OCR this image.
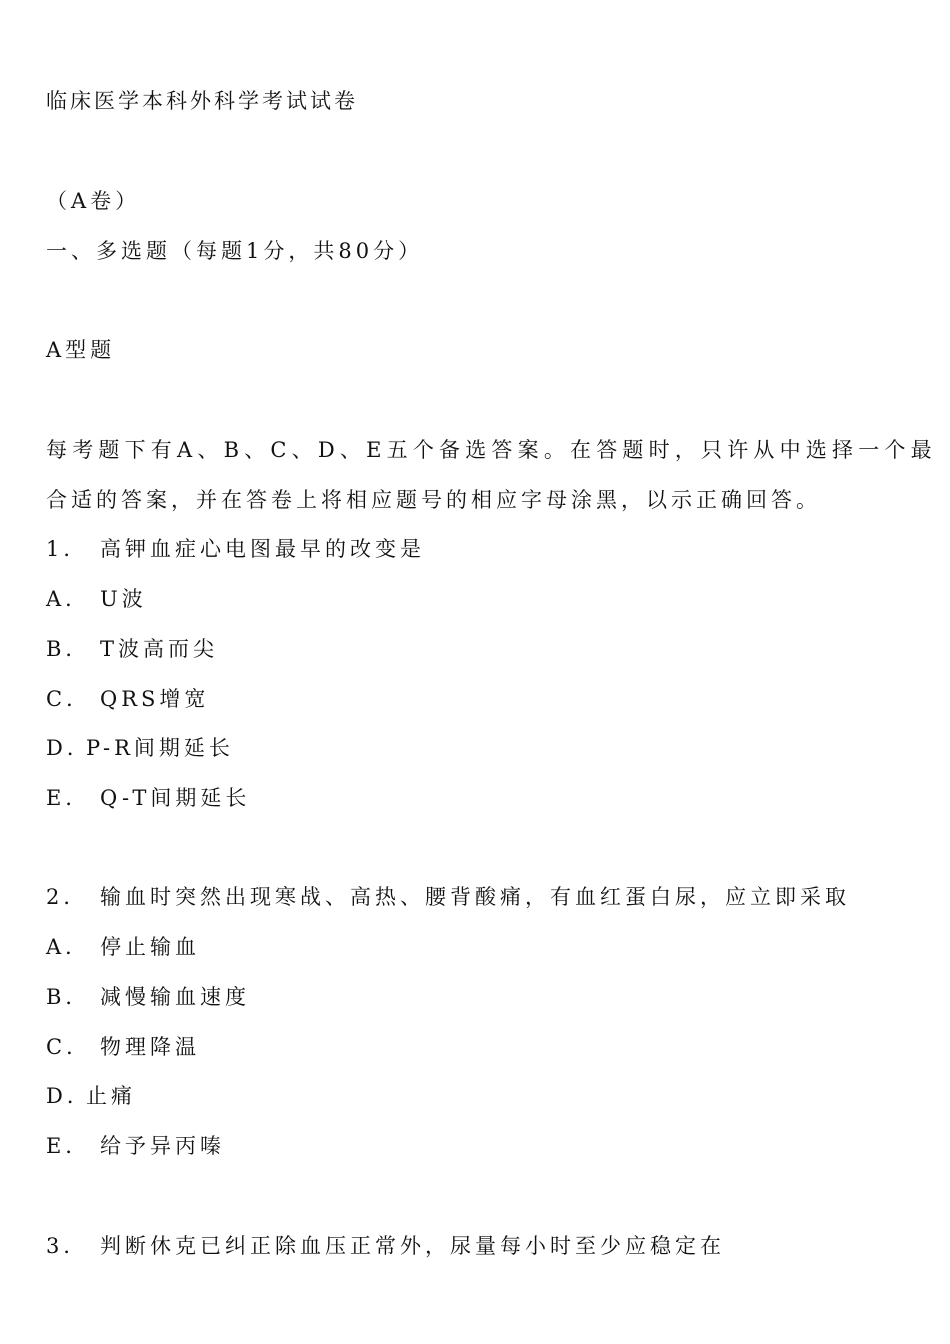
临床医学本科外科学考试试卷
（A卷）
一、多选题（每题1分，共80分）
A型题
每考题下有A、B、C、D、E五个备选答案。在答题时，只许从中选择一个最
合适的答案，并在答卷上将相应题号的相应字母涂黑，以示正确回答。
1． 高钾血症心电图最早的改变是
A． U波
B． T波高而尖
C． QRS增宽
D．P-R间期延长
E． Q-T间期延长
2． 输血时突然出现寒战、高热、腰背酸痛，有血红蛋白尿，应立即采取
A． 停止输血
B． 减慢输血速度
C． 物理降温
D．止痛
E． 给予异丙嗪
3． 判断休克已纠正除血压正常外，尿量每小时至少应稳定在
